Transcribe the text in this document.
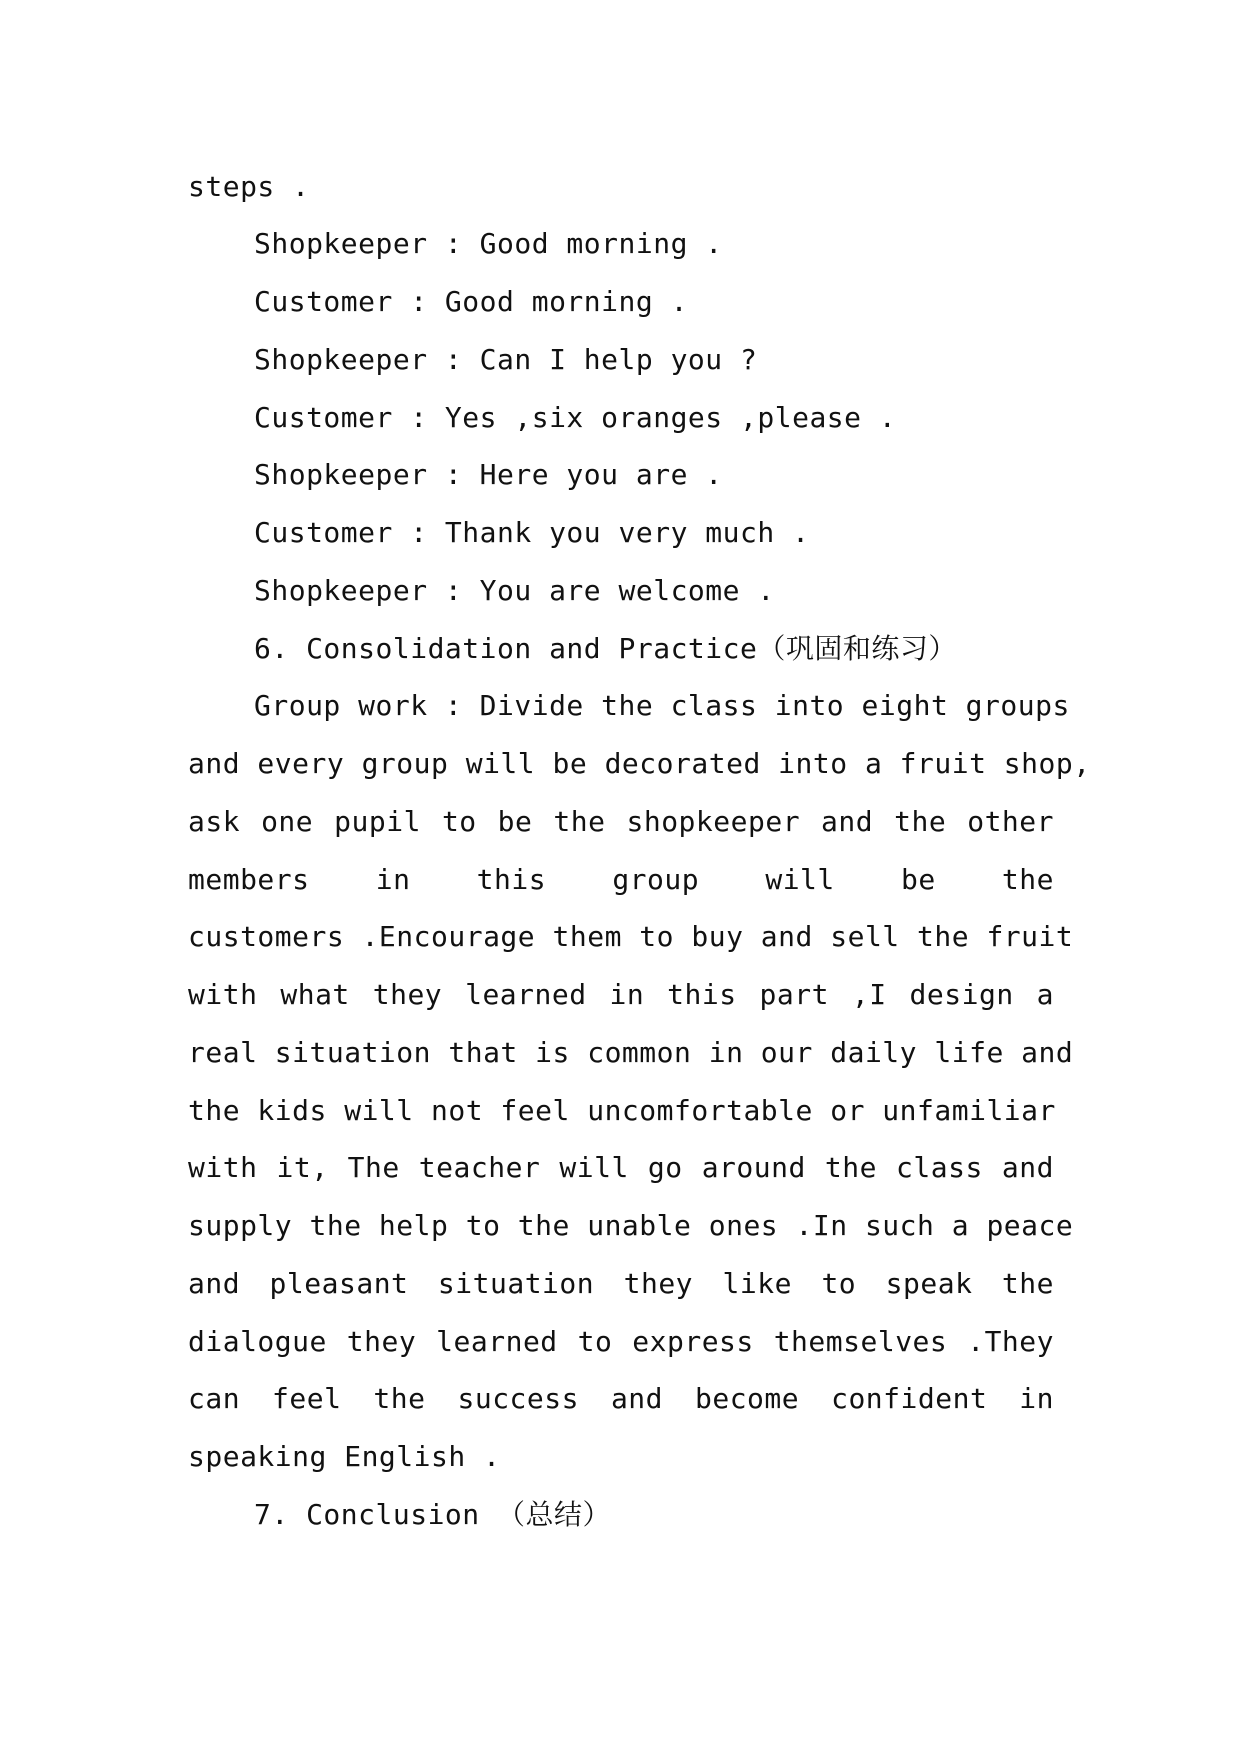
steps .
Shopkeeper : Good morning .
Customer : Good morning .
Shopkeeper : Can I help you ?
Customer : Yes ,six oranges ,please .
Shopkeeper : Here you are .
Customer : Thank you very much .
Shopkeeper : You are welcome .
6. Consolidation and Practice（巩固和练习）
Group work : Divide the class into eight groups
and every group will be decorated into a fruit shop,
ask one pupil to be the shopkeeper and the other
members in this group will be the
customers .Encourage them to buy and sell the fruit
with what they learned in this part ,I design a
real situation that is common in our daily life and
the kids will not feel uncomfortable or unfamiliar
with it, The teacher will go around the class and
supply the help to the unable ones .In such a peace
and pleasant situation they like to speak the
dialogue they learned to express themselves .They
can feel the success and become confident in
speaking English .
7. Conclusion （总结）
